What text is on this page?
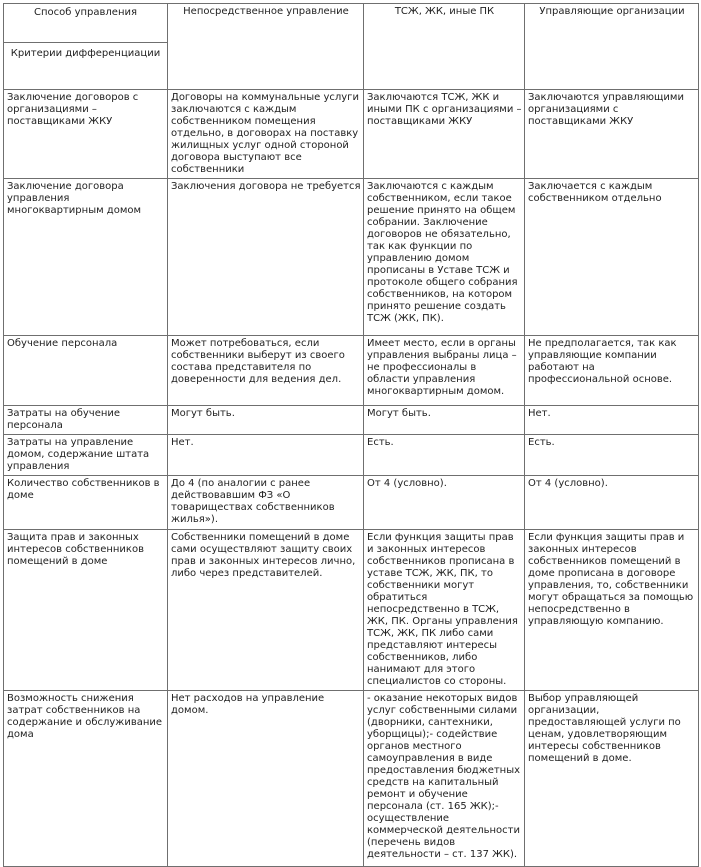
Способ управления
Критерии дифференциации	Непосредственное управление	ТСЖ, ЖК, иные ПК	Управляющие организации
Заключение договоров с организациями – поставщиками ЖКУ	Договоры на коммунальные услуги заключаются с каждым собственником помещения отдельно, в договорах на поставку жилищных услуг одной стороной договора выступают все собственники	Заключаются ТСЖ, ЖК и иными ПК с организациями – поставщиками ЖКУ	Заключаются управляющими организациями с поставщиками ЖКУ
Заключение договора управления многоквартирным домом	Заключения договора не требуется	Заключаются с каждым собственником, если такое решение принято на общем собрании. Заключение договоров не обязательно, так как функции по управлению домом прописаны в Уставе ТСЖ и протоколе общего собрания собственников, на котором принято решение создать ТСЖ (ЖК, ПК).	Заключается с каждым собственником отдельно
Обучение персонала	Может потребоваться, если собственники выберут из своего состава представителя по доверенности для ведения дел.	Имеет место, если в органы управления выбраны лица – не профессионалы в области управления многоквартирным домом.	Не предполагается, так как управляющие компании работают на профессиональной основе.
Затраты на обучение персонала	Могут быть.	Могут быть.	Нет.
Затраты на управление домом, содержание штата управления	Нет.	Есть.	Есть.
Количество собственников в доме	До 4 (по аналогии с ранее действовавшим ФЗ «О товариществах собственников жилья»).	От 4 (условно).	От 4 (условно).
Защита прав и законных интересов собственников помещений в доме	Собственники помещений в доме сами осуществляют защиту своих прав и законных интересов лично, либо через представителей.	Если функция защиты прав и законных интересов собственников прописана в уставе ТСЖ, ЖК, ПК, то собственники могут обратиться непосредственно в ТСЖ, ЖК, ПК. Органы управления ТСЖ, ЖК, ПК либо сами представляют интересы собственников, либо нанимают для этого специалистов со стороны.	Если функция защиты прав и законных интересов собственников помещений в доме прописана в договоре управления, то, собственники могут обращаться за помощью непосредственно в управляющую компанию.
Возможность снижения затрат собственников на содержание и обслуживание дома	Нет расходов на управление домом.	- оказание некоторых видов услуг собственными силами (дворники, сантехники, уборщицы);- содействие органов местного самоуправления в виде предоставления бюджетных средств на капитальный ремонт и обучение персонала (ст. 165 ЖК);- осуществление коммерческой деятельности (перечень видов деятельности – ст. 137 ЖК).	Выбор управляющей организации, предоставляющей услуги по ценам, удовлетворяющим интересы собственников помещений в доме.
